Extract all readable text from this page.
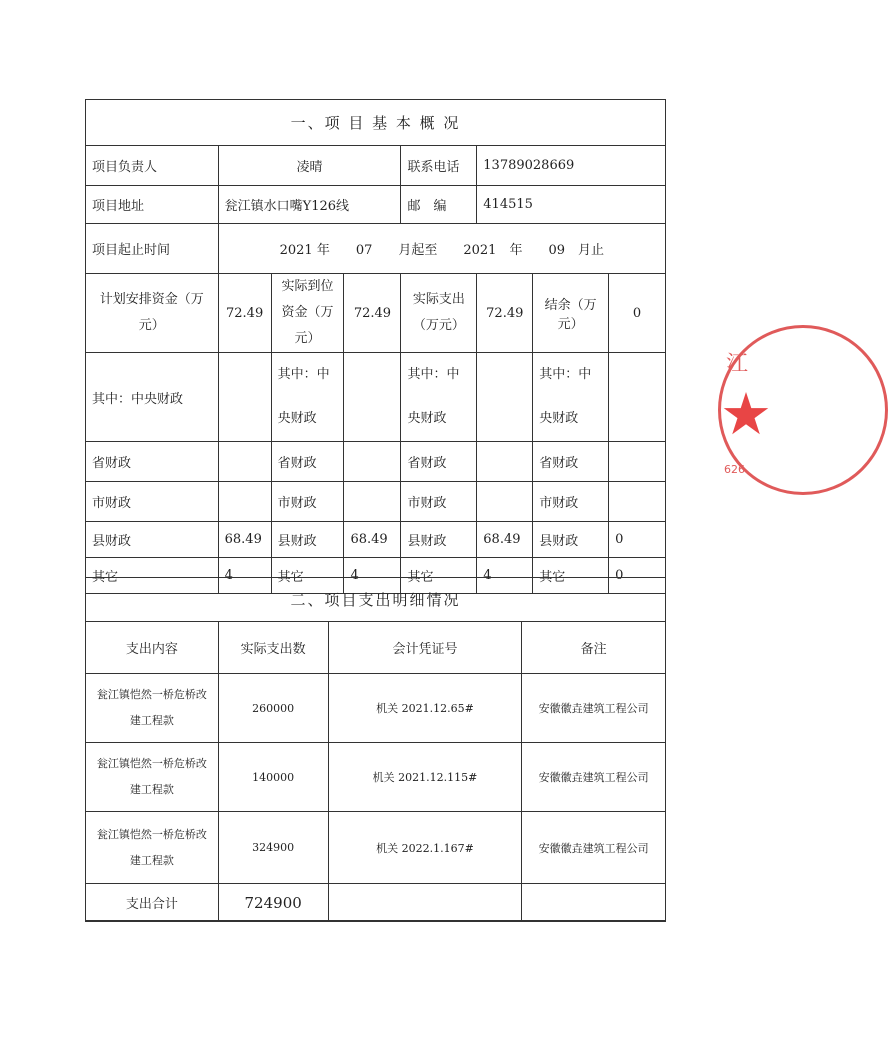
一、项 目 基 本 概 况							
项目负责人	凌晴			联系电话	13789028669		
项目地址	瓮江镇水口嘴Y126线			邮　编	414515		
项目起止时间	2021 年　　07　　月起至　　2021　年　　09　月止						
计划安排资金（万元）	72.49	实际到位资金（万元）	72.49	实际支出（万元）	72.49	结余（万元）	0
其中：中央财政		其中：中央财政		其中：中央财政		其中：中央财政	
省财政		省财政		省财政		省财政	
市财政		市财政		市财政		市财政	
县财政	68.49	县财政	68.49	县财政	68.49	县财政	0
其它	4	其它	4	其它	4	其它	0
二、项目支出明细情况			
支出内容	实际支出数	会计凭证号	备注
瓮江镇恺然一桥危桥改建工程款	260000	机关 2021.12.65#	安徽徽垚建筑工程公司
瓮江镇恺然一桥危桥改建工程款	140000	机关 2021.12.115#	安徽徽垚建筑工程公司
瓮江镇恺然一桥危桥改建工程款	324900	机关 2022.1.167#	安徽徽垚建筑工程公司
支出合计	724900		
江
★
626
